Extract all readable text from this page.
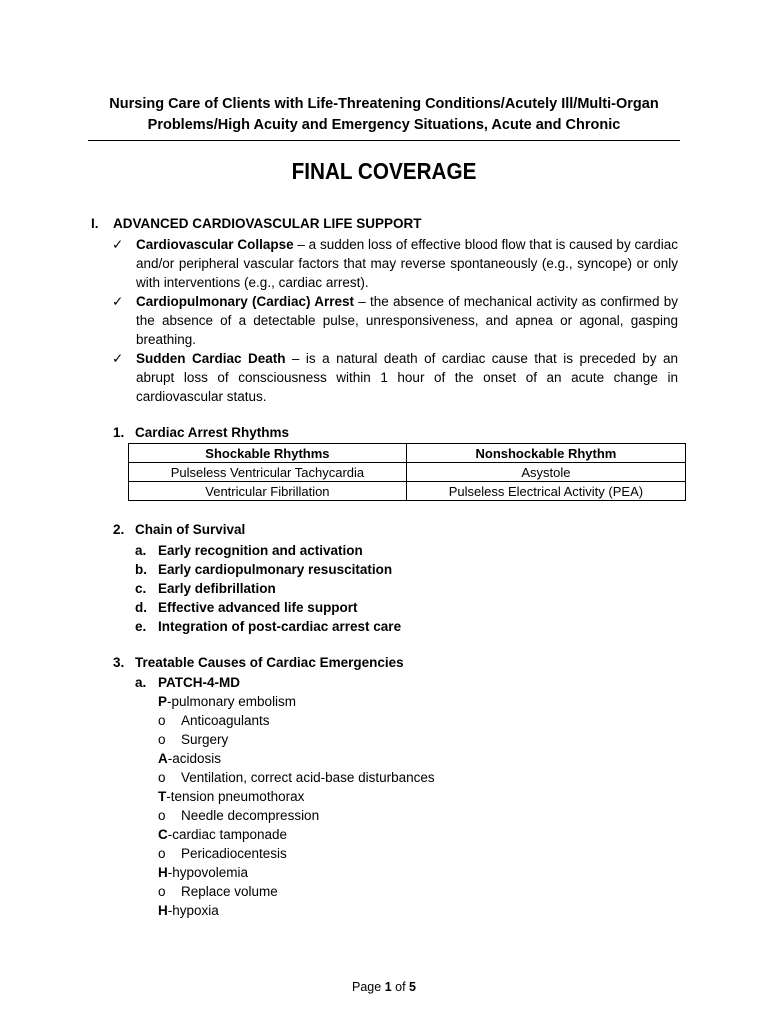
Nursing Care of Clients with Life-Threatening Conditions/Acutely Ill/Multi-Organ
Problems/High Acuity and Emergency Situations, Acute and Chronic
FINAL COVERAGE
I. ADVANCED CARDIOVASCULAR LIFE SUPPORT
✓ Cardiovascular Collapse – a sudden loss of effective blood flow that is caused by cardiac and/or peripheral vascular factors that may reverse spontaneously (e.g., syncope) or only with interventions (e.g., cardiac arrest).
✓ Cardiopulmonary (Cardiac) Arrest – the absence of mechanical activity as confirmed by the absence of a detectable pulse, unresponsiveness, and apnea or agonal, gasping breathing.
✓ Sudden Cardiac Death – is a natural death of cardiac cause that is preceded by an abrupt loss of consciousness within 1 hour of the onset of an acute change in cardiovascular status.
1. Cardiac Arrest Rhythms
Shockable Rhythms	Nonshockable Rhythm
Pulseless Ventricular Tachycardia	Asystole
Ventricular Fibrillation	Pulseless Electrical Activity (PEA)
2. Chain of Survival
a. Early recognition and activation
b. Early cardiopulmonary resuscitation
c. Early defibrillation
d. Effective advanced life support
e. Integration of post-cardiac arrest care
3. Treatable Causes of Cardiac Emergencies
a. PATCH-4-MD
P-pulmonary embolism
o Anticoagulants
o Surgery
A-acidosis
o Ventilation, correct acid-base disturbances
T-tension pneumothorax
o Needle decompression
C-cardiac tamponade
o Pericadiocentesis
H-hypovolemia
o Replace volume
H-hypoxia
Page 1 of 5
